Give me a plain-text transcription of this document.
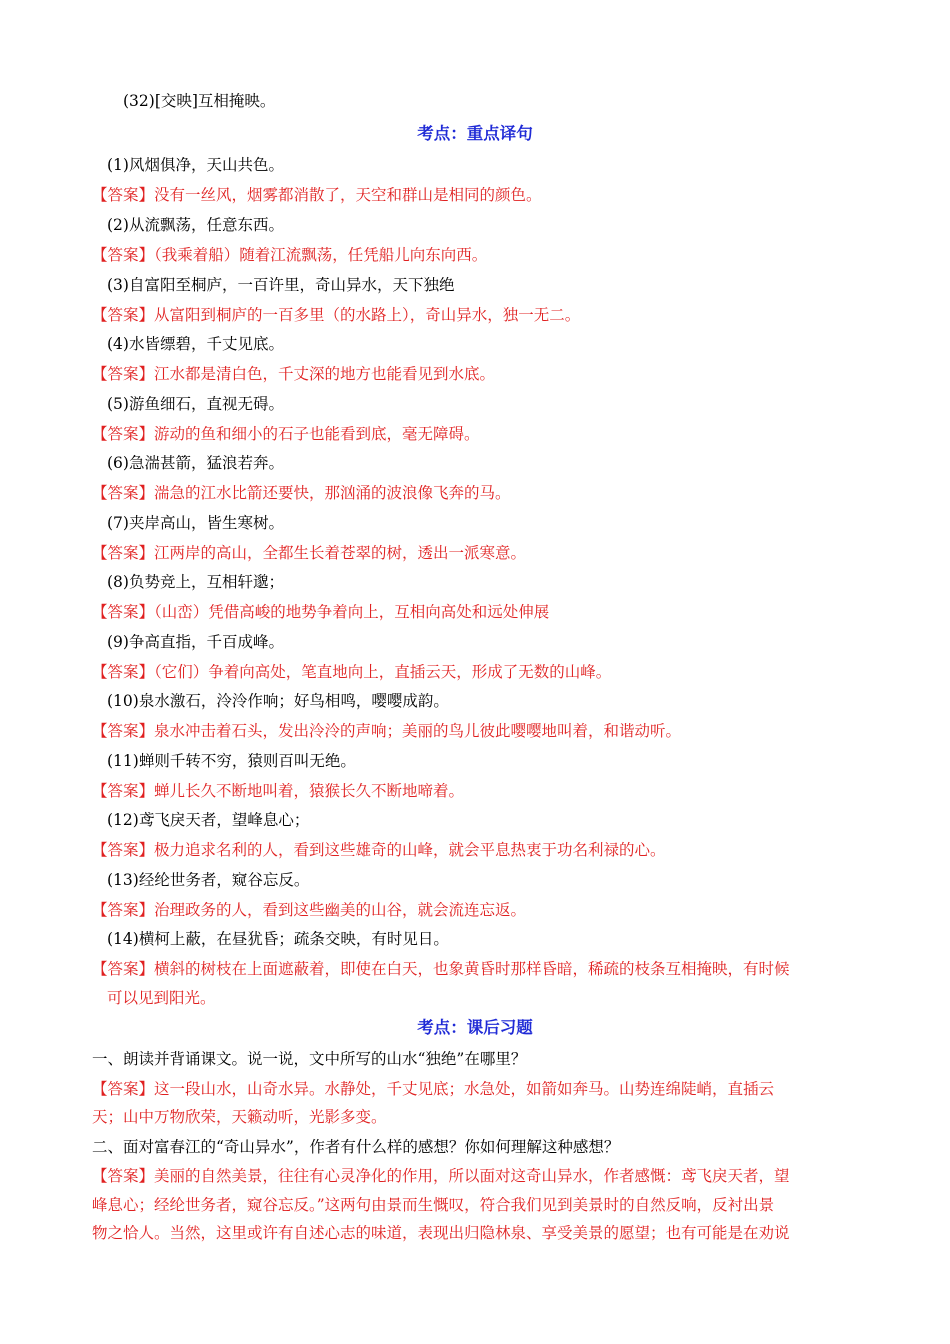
(32)[交映]互相掩映。
考点：重点译句
(1)风烟俱净，天山共色。
【答案】没有一丝风，烟雾都消散了，天空和群山是相同的颜色。
(2)从流飘荡，任意东西。
【答案】（我乘着船）随着江流飘荡，任凭船儿向东向西。
(3)自富阳至桐庐，一百许里，奇山异水，天下独绝
【答案】从富阳到桐庐的一百多里（的水路上），奇山异水，独一无二。
(4)水皆缥碧，千丈见底。
【答案】江水都是清白色，千丈深的地方也能看见到水底。
(5)游鱼细石，直视无碍。
【答案】游动的鱼和细小的石子也能看到底，毫无障碍。
(6)急湍甚箭，猛浪若奔。
【答案】湍急的江水比箭还要快，那汹涌的波浪像飞奔的马。
(7)夹岸高山，皆生寒树。
【答案】江两岸的高山，全都生长着苍翠的树，透出一派寒意。
(8)负势竞上，互相轩邈；
【答案】（山峦）凭借高峻的地势争着向上，互相向高处和远处伸展
(9)争高直指，千百成峰。
【答案】（它们）争着向高处，笔直地向上，直插云天，形成了无数的山峰。
(10)泉水激石，泠泠作响；好鸟相鸣，嘤嘤成韵。
【答案】泉水冲击着石头，发出泠泠的声响；美丽的鸟儿彼此嘤嘤地叫着，和谐动听。
(11)蝉则千转不穷，猿则百叫无绝。
【答案】蝉儿长久不断地叫着，猿猴长久不断地啼着。
(12)鸢飞戾天者，望峰息心；
【答案】极力追求名利的人，看到这些雄奇的山峰，就会平息热衷于功名利禄的心。
(13)经纶世务者，窥谷忘反。
【答案】治理政务的人，看到这些幽美的山谷，就会流连忘返。
(14)横柯上蔽，在昼犹昏；疏条交映，有时见日。
【答案】横斜的树枝在上面遮蔽着，即使在白天，也象黄昏时那样昏暗，稀疏的枝条互相掩映，有时候
可以见到阳光。
考点：课后习题
一、朗读并背诵课文。说一说，文中所写的山水“独绝”在哪里？
【答案】这一段山水，山奇水异。水静处，千丈见底；水急处，如箭如奔马。山势连绵陡峭，直插云
天；山中万物欣荣，天籁动听，光影多变。
二、面对富春江的“奇山异水”，作者有什么样的感想？你如何理解这种感想？
【答案】美丽的自然美景，往往有心灵净化的作用，所以面对这奇山异水，作者感慨：鸢飞戾天者，望
峰息心；经纶世务者，窥谷忘反。”这两句由景而生慨叹，符合我们见到美景时的自然反响，反衬出景
物之恰人。当然，这里或许有自述心志的味道，表现出归隐林泉、享受美景的愿望；也有可能是在劝说
